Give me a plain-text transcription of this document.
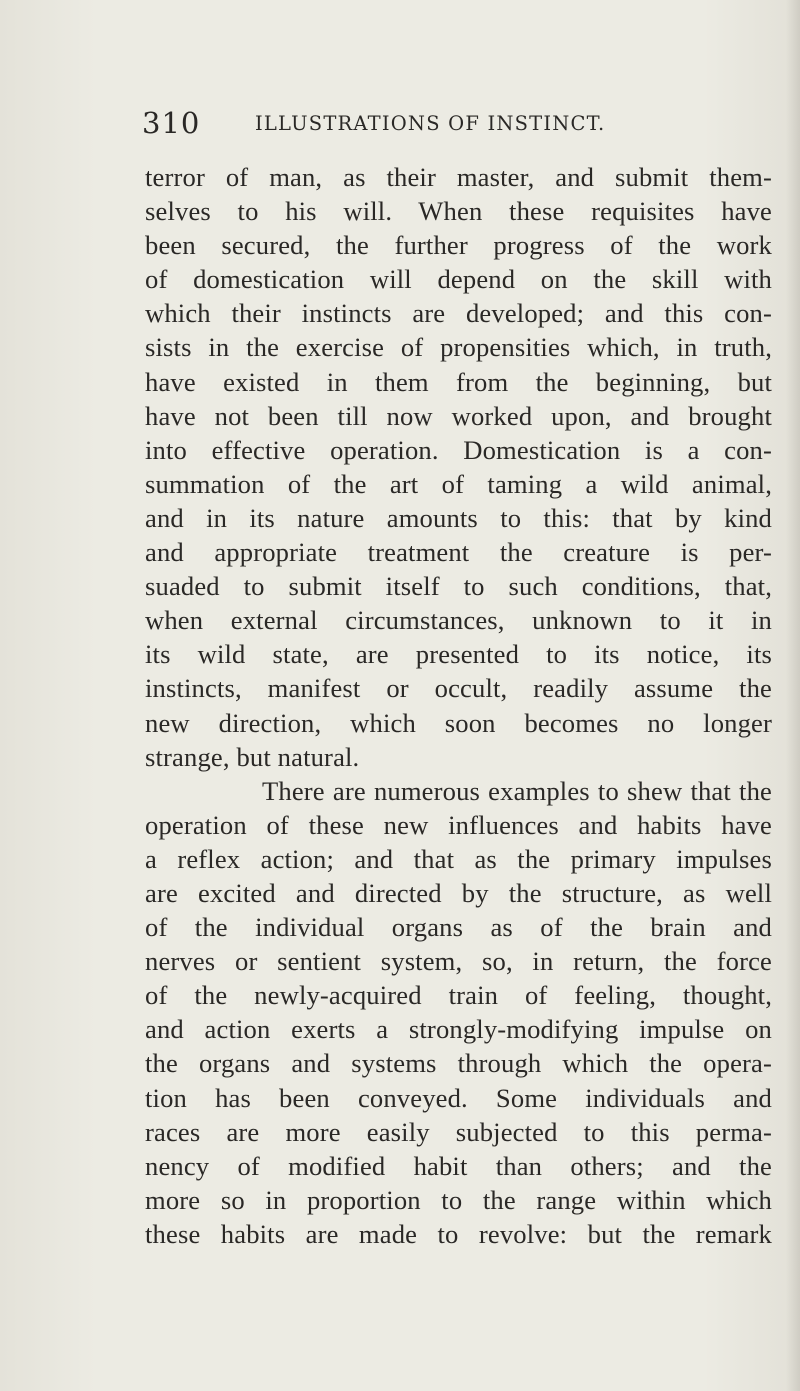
310	ILLUSTRATIONS OF INSTINCT.
terror of man, as their master, and submit them-
selves to his will. When these requisites have
been secured, the further progress of the work
of domestication will depend on the skill with
which their instincts are developed; and this con-
sists in the exercise of propensities which, in truth,
have existed in them from the beginning, but
have not been till now worked upon, and brought
into effective operation. Domestication is a con-
summation of the art of taming a wild animal,
and in its nature amounts to this: that by kind
and appropriate treatment the creature is per-
suaded to submit itself to such conditions, that,
when external circumstances, unknown to it in
its wild state, are presented to its notice, its
instincts, manifest or occult, readily assume the
new direction, which soon becomes no longer
strange, but natural.
There are numerous examples to shew that the
operation of these new influences and habits have
a reflex action; and that as the primary impulses
are excited and directed by the structure, as well
of the individual organs as of the brain and
nerves or sentient system, so, in return, the force
of the newly-acquired train of feeling, thought,
and action exerts a strongly-modifying impulse on
the organs and systems through which the opera-
tion has been conveyed. Some individuals and
races are more easily subjected to this perma-
nency of modified habit than others; and the
more so in proportion to the range within which
these habits are made to revolve: but the remark
